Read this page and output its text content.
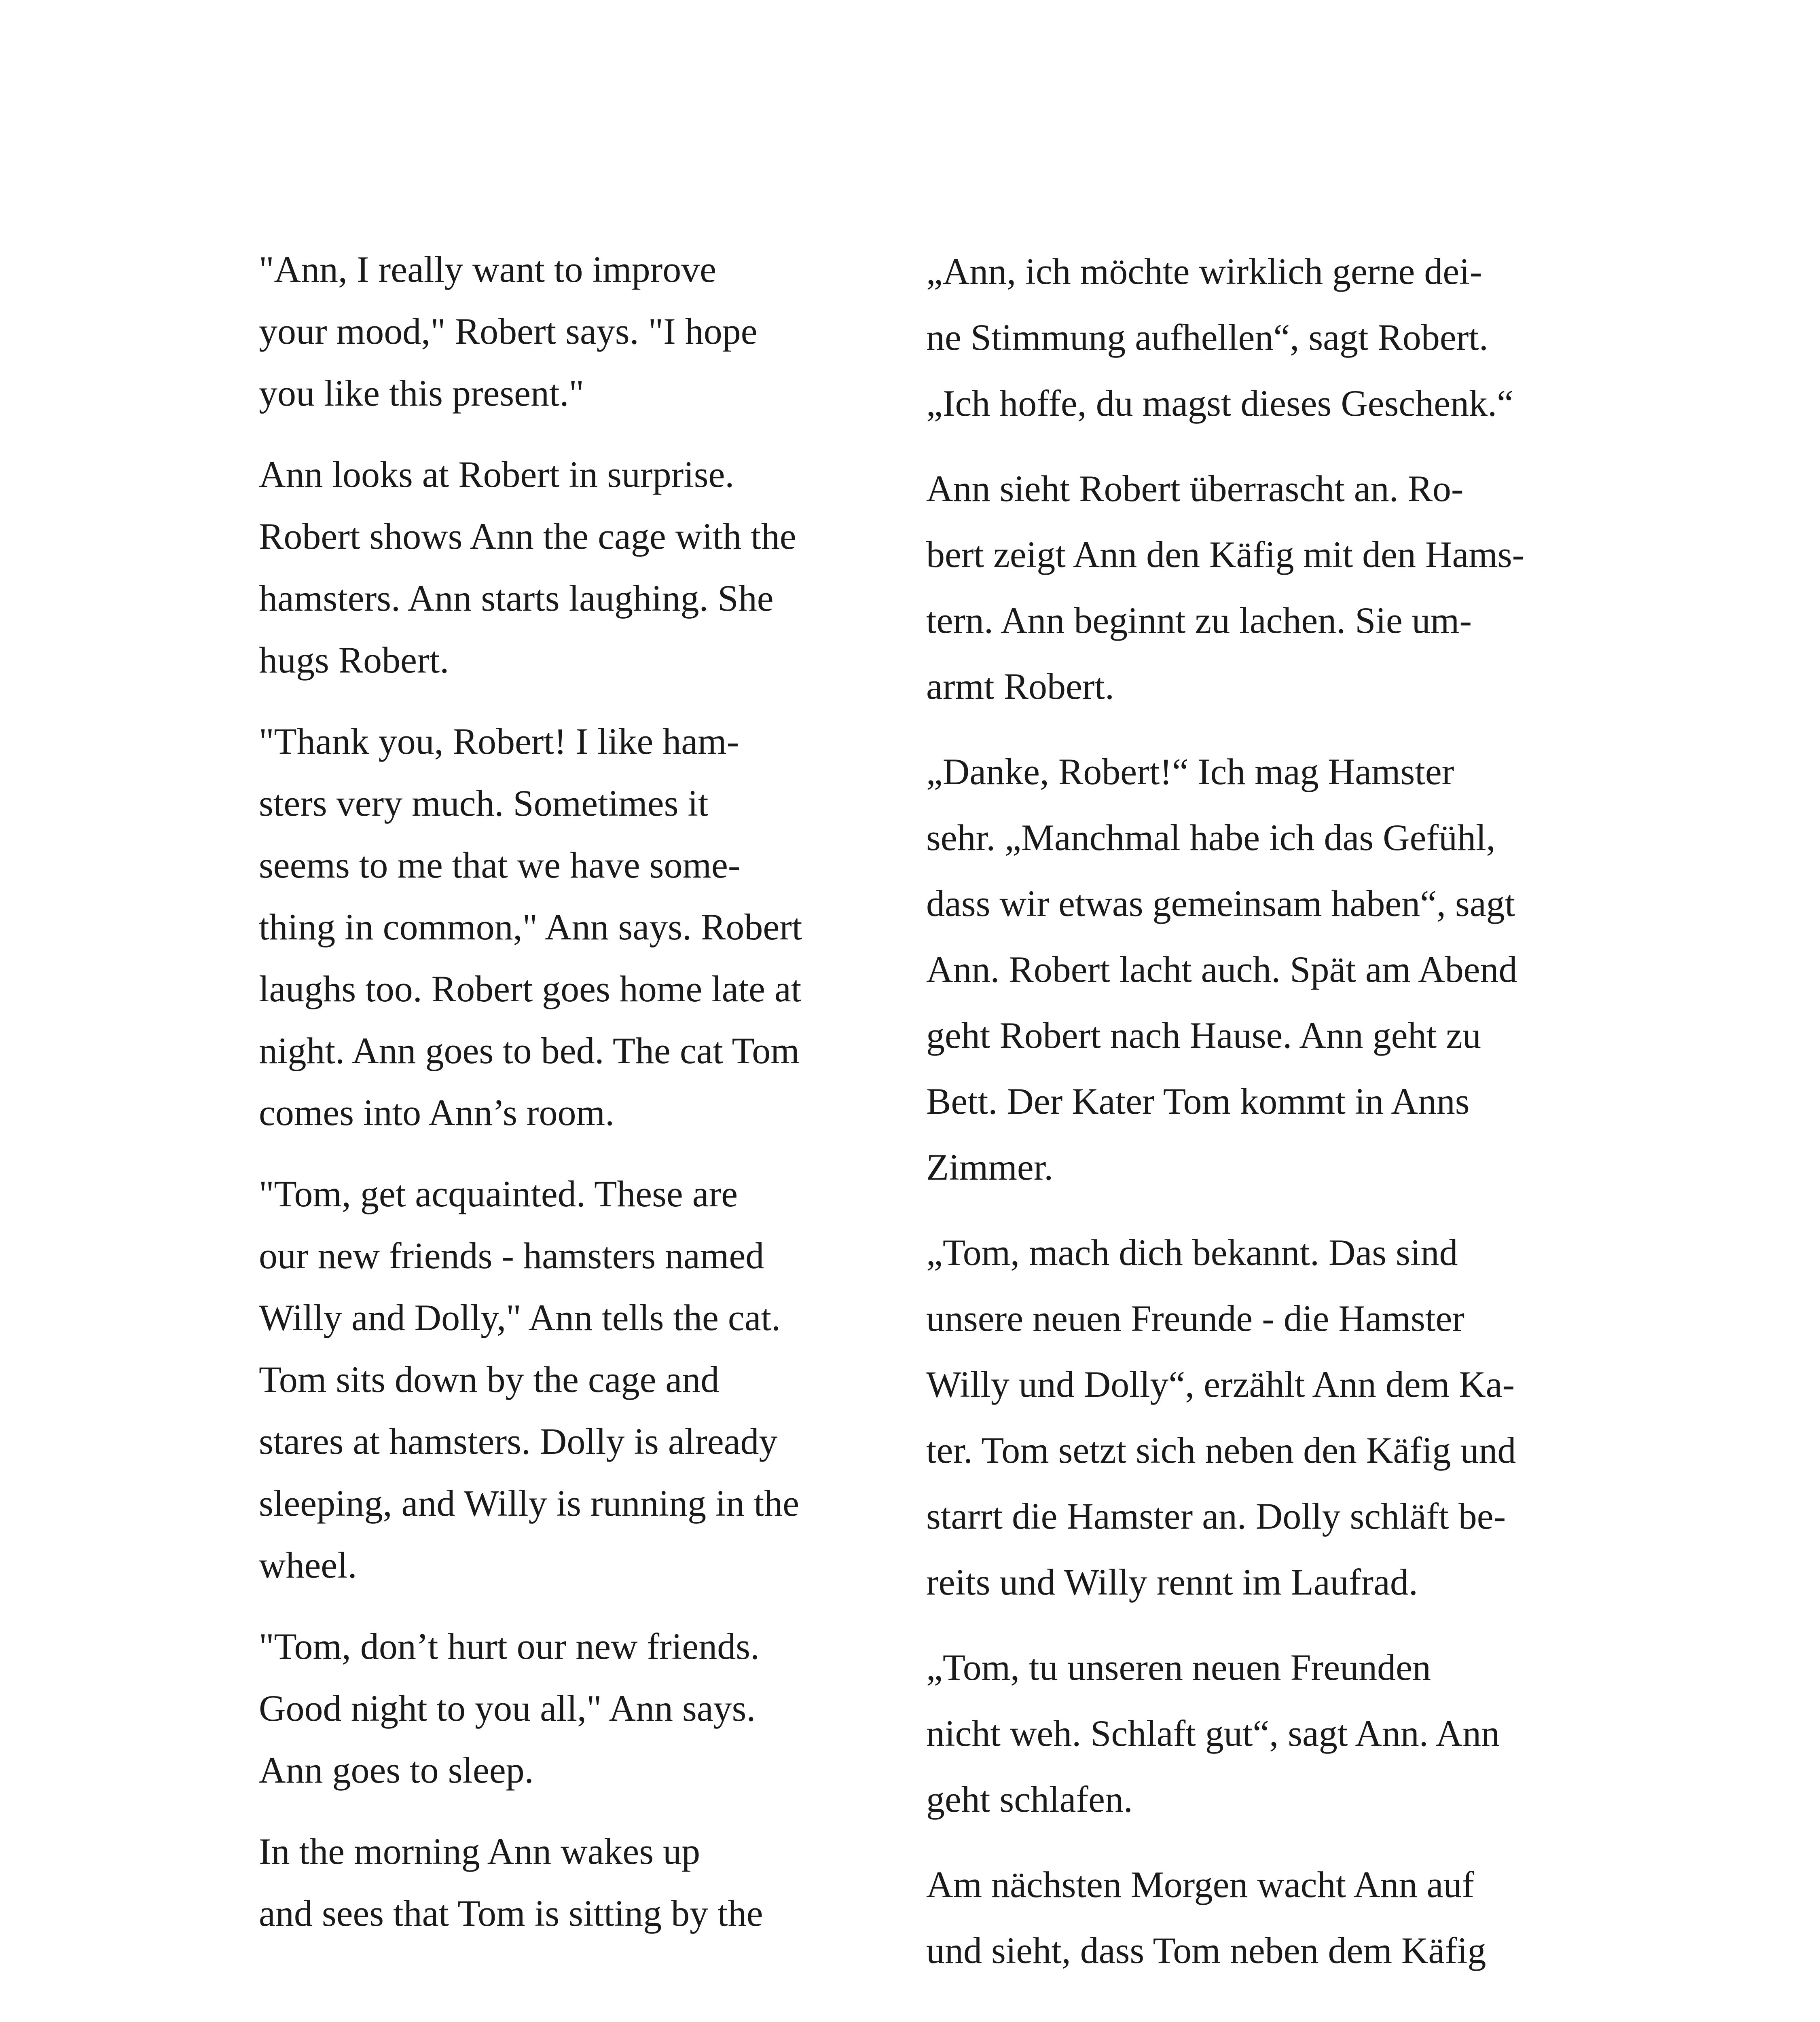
"Ann, I really want to improve
your mood," Robert says. "I hope
you like this present."

Ann looks at Robert in surprise.
Robert shows Ann the cage with the
hamsters. Ann starts laughing. She
hugs Robert.

"Thank you, Robert! I like ham-
sters very much. Sometimes it
seems to me that we have some-
thing in common," Ann says. Robert
laughs too. Robert goes home late at
night. Ann goes to bed. The cat Tom
comes into Ann’s room.

"Tom, get acquainted. These are
our new friends - hamsters named
Willy and Dolly," Ann tells the cat.
Tom sits down by the cage and
stares at hamsters. Dolly is already
sleeping, and Willy is running in the
wheel.

"Tom, don’t hurt our new friends.
Good night to you all," Ann says.
Ann goes to sleep.

In the morning Ann wakes up
and sees that Tom is sitting by the

„Ann, ich möchte wirklich gerne dei-
ne Stimmung aufhellen“, sagt Robert.
„Ich hoffe, du magst dieses Geschenk.“

Ann sieht Robert überrascht an. Ro-
bert zeigt Ann den Käfig mit den Hams-
tern. Ann beginnt zu lachen. Sie um-
armt Robert.

„Danke, Robert!“ Ich mag Hamster
sehr. „Manchmal habe ich das Gefühl,
dass wir etwas gemeinsam haben“, sagt
Ann. Robert lacht auch. Spät am Abend
geht Robert nach Hause. Ann geht zu
Bett. Der Kater Tom kommt in Anns
Zimmer.

„Tom, mach dich bekannt. Das sind
unsere neuen Freunde - die Hamster
Willy und Dolly“, erzählt Ann dem Ka-
ter. Tom setzt sich neben den Käfig und
starrt die Hamster an. Dolly schläft be-
reits und Willy rennt im Laufrad.

„Tom, tu unseren neuen Freunden
nicht weh. Schlaft gut“, sagt Ann. Ann
geht schlafen.

Am nächsten Morgen wacht Ann auf
und sieht, dass Tom neben dem Käfig
